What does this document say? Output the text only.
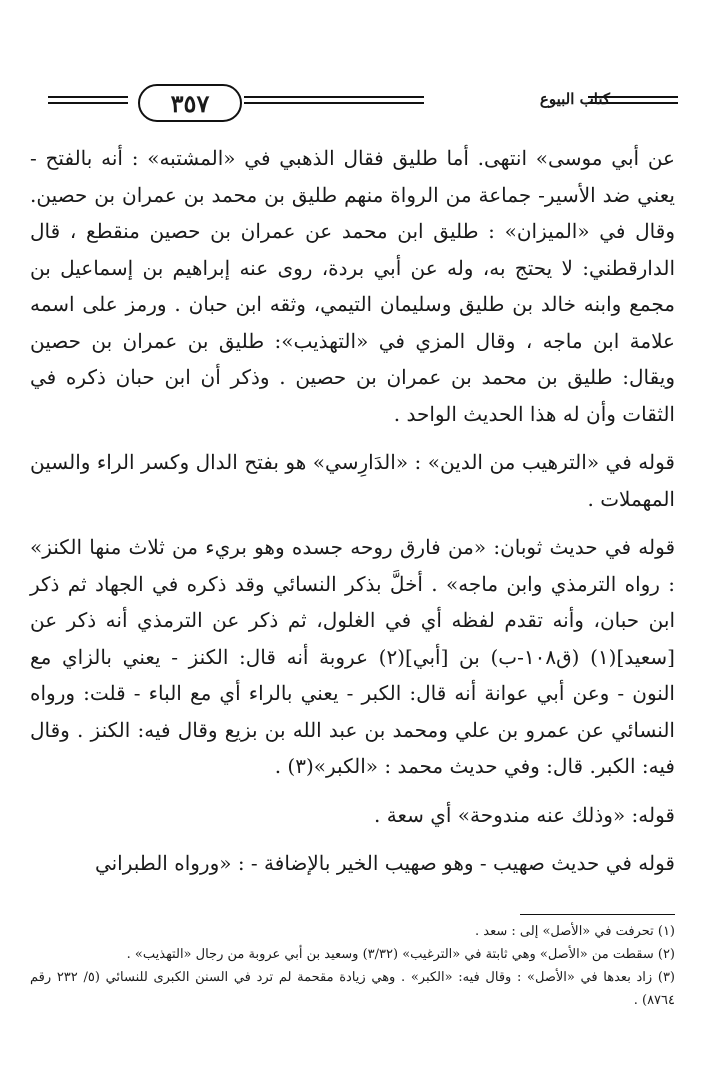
٣٥٧	كتاب البيوع

عن أبي موسى» انتهى. أما طليق فقال الذهبي في «المشتبه» : أنه بالفتح - يعني ضد الأسير- جماعة من الرواة منهم طليق بن محمد بن عمران بن حصين. وقال في «الميزان» : طليق ابن محمد عن عمران بن حصين منقطع ، قال الدارقطني: لا يحتج به، وله عن أبي بردة، روى عنه إبراهيم بن إسماعيل بن مجمع وابنه خالد بن طليق وسليمان التيمي، وثقه ابن حبان . ورمز على اسمه علامة ابن ماجه ، وقال المزي في «التهذيب»: طليق بن عمران بن حصين ويقال: طليق بن محمد بن عمران بن حصين . وذكر أن ابن حبان ذكره في الثقات وأن له هذا الحديث الواحد .

قوله في «الترهيب من الدين» : «الدَارِسي» هو بفتح الدال وكسر الراء والسين المهملات .

قوله في حديث ثوبان: «من فارق روحه جسده وهو بريء من ثلاث منها الكنز» : رواه الترمذي وابن ماجه» . أخلَّ بذكر النسائي وقد ذكره في الجهاد ثم ذكر ابن حبان، وأنه تقدم لفظه أي في الغلول، ثم ذكر عن الترمذي أنه ذكر عن [سعيد](١) (ق١٠٨-ب) بن [أبي](٢) عروبة أنه قال: الكنز - يعني بالزاي مع النون - وعن أبي عوانة أنه قال: الكبر - يعني بالراء أي مع الباء - قلت: ورواه النسائي عن عمرو بن علي ومحمد بن عبد الله بن بزيع وقال فيه: الكنز . وقال فيه: الكبر. قال: وفي حديث محمد : «الكبر»(٣) .

قوله: «وذلك عنه مندوحة» أي سعة .

قوله في حديث صهيب - وهو صهيب الخير بالإضافة - : «ورواه الطبراني

(١) تحرفت في «الأصل» إلى : سعد .

(٢) سقطت من «الأصل» وهي ثابتة في «الترغيب» (٣/٣٢) وسعيد بن أبي عروبة من رجال «التهذيب» .

(٣) زاد بعدها في «الأصل» : وقال فيه: «الكبر» . وهي زيادة مقحمة لم ترد في السنن الكبرى للنسائي (٥/ ٢٣٢ رقم ٨٧٦٤) .
